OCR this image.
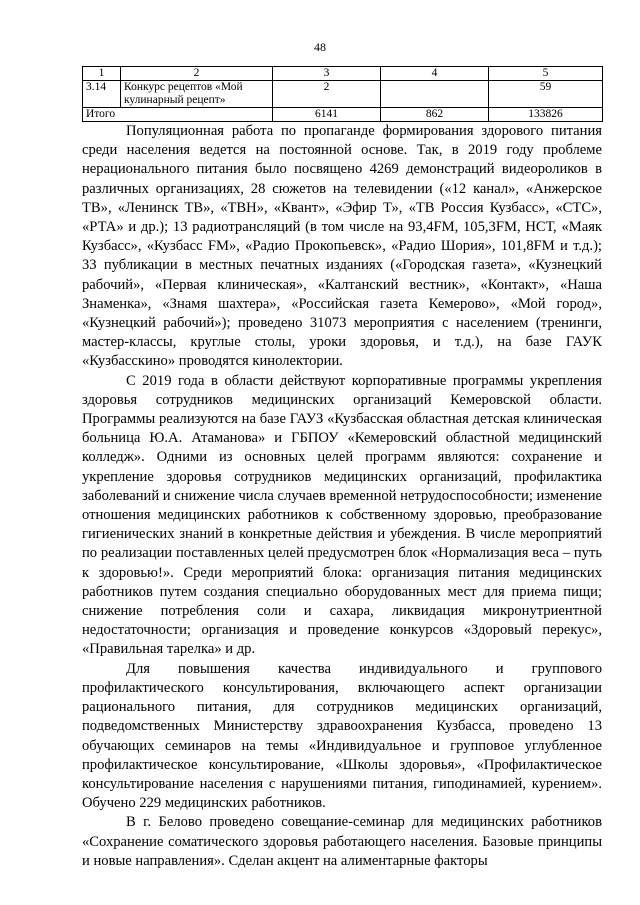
48
1	2	3	4	5
3.14	Конкурс рецептов «Мой кулинарный рецепт»	2		59
Итого		6141	862	133826

Популяционная работа по пропаганде формирования здорового питания среди населения ведется на постоянной основе. Так, в 2019 году проблеме нерационального питания было посвящено 4269 демонстраций видеороликов в различных организациях, 28 сюжетов на телевидении («12 канал», «Анжерское ТВ», «Ленинск ТВ», «ТВН», «Квант», «Эфир Т», «ТВ Россия Кузбасс», «СТС», «РТА» и др.); 13 радиотрансляций (в том числе на 93,4FM, 105,3FM, НСТ, «Маяк Кузбасс», «Кузбасс FM», «Радио Прокопьевск», «Радио Шория», 101,8FM и т.д.); 33 публикации в местных печатных изданиях («Городская газета», «Кузнецкий рабочий», «Первая клиническая», «Калтанский вестник», «Контакт», «Наша Знаменка», «Знамя шахтера», «Российская газета Кемерово», «Мой город», «Кузнецкий рабочий»); проведено 31073 мероприятия с населением (тренинги, мастер-классы, круглые столы, уроки здоровья, и т.д.), на базе ГАУК «Кузбасскино» проводятся кинолектории.

С 2019 года в области действуют корпоративные программы укрепления здоровья сотрудников медицинских организаций Кемеровской области. Программы реализуются на базе ГАУЗ «Кузбасская областная детская клиническая больница Ю.А. Атаманова» и ГБПОУ «Кемеровский областной медицинский колледж». Одними из основных целей программ являются: сохранение и укрепление здоровья сотрудников медицинских организаций, профилактика заболеваний и снижение числа случаев временной нетрудоспособности; изменение отношения медицинских работников к собственному здоровью, преобразование гигиенических знаний в конкретные действия и убеждения. В числе мероприятий по реализации поставленных целей предусмотрен блок «Нормализация веса – путь к здоровью!». Среди мероприятий блока: организация питания медицинских работников путем создания специально оборудованных мест для приема пищи; снижение потребления соли и сахара, ликвидация микронутриентной недостаточности; организация и проведение конкурсов «Здоровый перекус», «Правильная тарелка» и др.

Для повышения качества индивидуального и группового профилактического консультирования, включающего аспект организации рационального питания, для сотрудников медицинских организаций, подведомственных Министерству здравоохранения Кузбасса, проведено 13 обучающих семинаров на темы «Индивидуальное и групповое углубленное профилактическое консультирование, «Школы здоровья», «Профилактическое консультирование населения с нарушениями питания, гиподинамией, курением». Обучено 229 медицинских работников.

В г. Белово проведено совещание-семинар для медицинских работников «Сохранение соматического здоровья работающего населения. Базовые принципы и новые направления». Сделан акцент на алиментарные факторы
